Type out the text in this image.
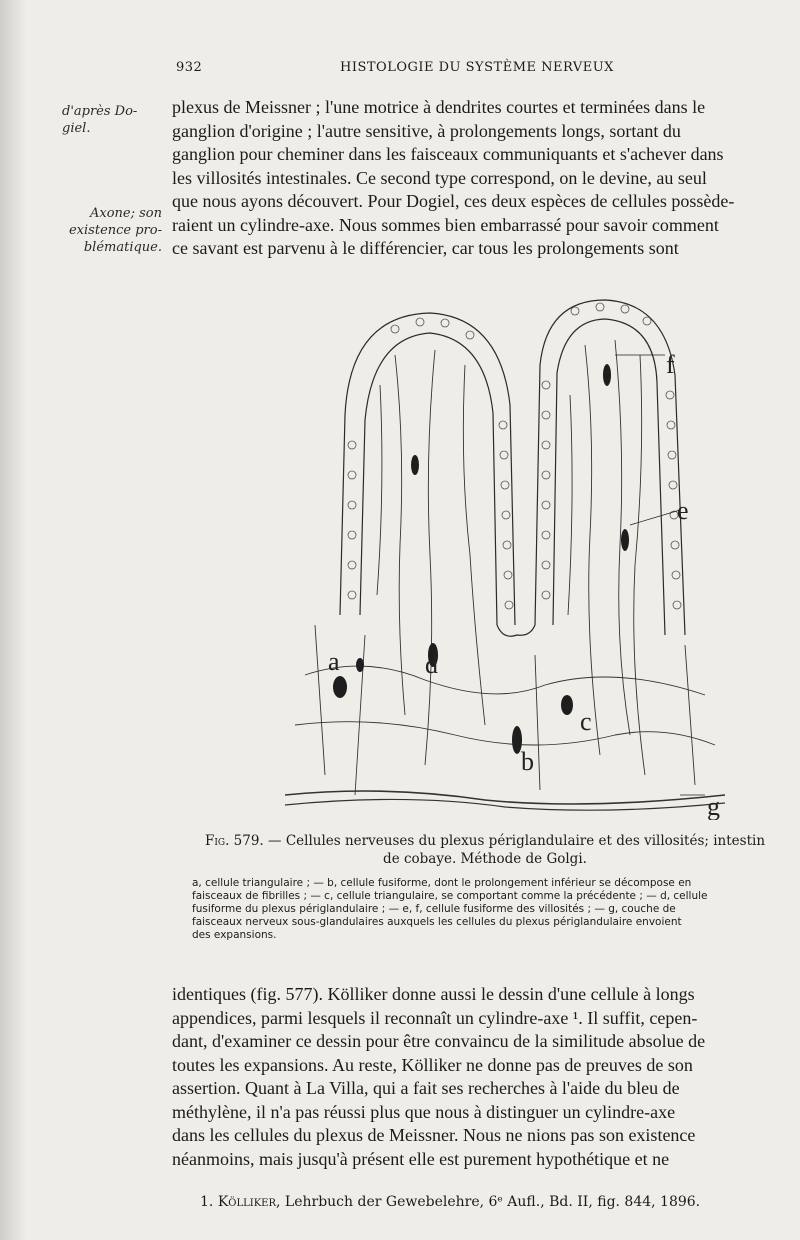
932	HISTOLOGIE DU SYSTÈME NERVEUX
d'après Do-
giel.
Axone; son
existence pro-
blématique.
plexus de Meissner ; l'une motrice à dendrites courtes et terminées dans le
ganglion d'origine ; l'autre sensitive, à prolongements longs, sortant du
ganglion pour cheminer dans les faisceaux communiquants et s'achever dans
les villosités intestinales. Ce second type correspond, on le devine, au seul
que nous ayons découvert. Pour Dogiel, ces deux espèces de cellules possède-
raient un cylindre-axe. Nous sommes bien embarrassé pour savoir comment
ce savant est parvenu à le différencier, car tous les prolongements sont
a
b
c
d
e
f
g
Fig. 579. — Cellules nerveuses du plexus périglandulaire et des villosités; intestin
de cobaye. Méthode de Golgi.
a, cellule triangulaire ; — b, cellule fusiforme, dont le prolongement inférieur se décompose en
faisceaux de fibrilles ; — c, cellule triangulaire, se comportant comme la précédente ; — d, cellule
fusiforme du plexus périglandulaire ; — e, f, cellule fusiforme des villosités ; — g, couche de
faisceaux nerveux sous-glandulaires auxquels les cellules du plexus périglandulaire envoient
des expansions.
identiques (fig. 577). Kölliker donne aussi le dessin d'une cellule à longs
appendices, parmi lesquels il reconnaît un cylindre-axe ¹. Il suffit, cepen-
dant, d'examiner ce dessin pour être convaincu de la similitude absolue de
toutes les expansions. Au reste, Kölliker ne donne pas de preuves de son
assertion. Quant à La Villa, qui a fait ses recherches à l'aide du bleu de
méthylène, il n'a pas réussi plus que nous à distinguer un cylindre-axe
dans les cellules du plexus de Meissner. Nous ne nions pas son existence
néanmoins, mais jusqu'à présent elle est purement hypothétique et ne
1. Kölliker, Lehrbuch der Gewebelehre, 6ᵉ Aufl., Bd. II, fig. 844, 1896.
